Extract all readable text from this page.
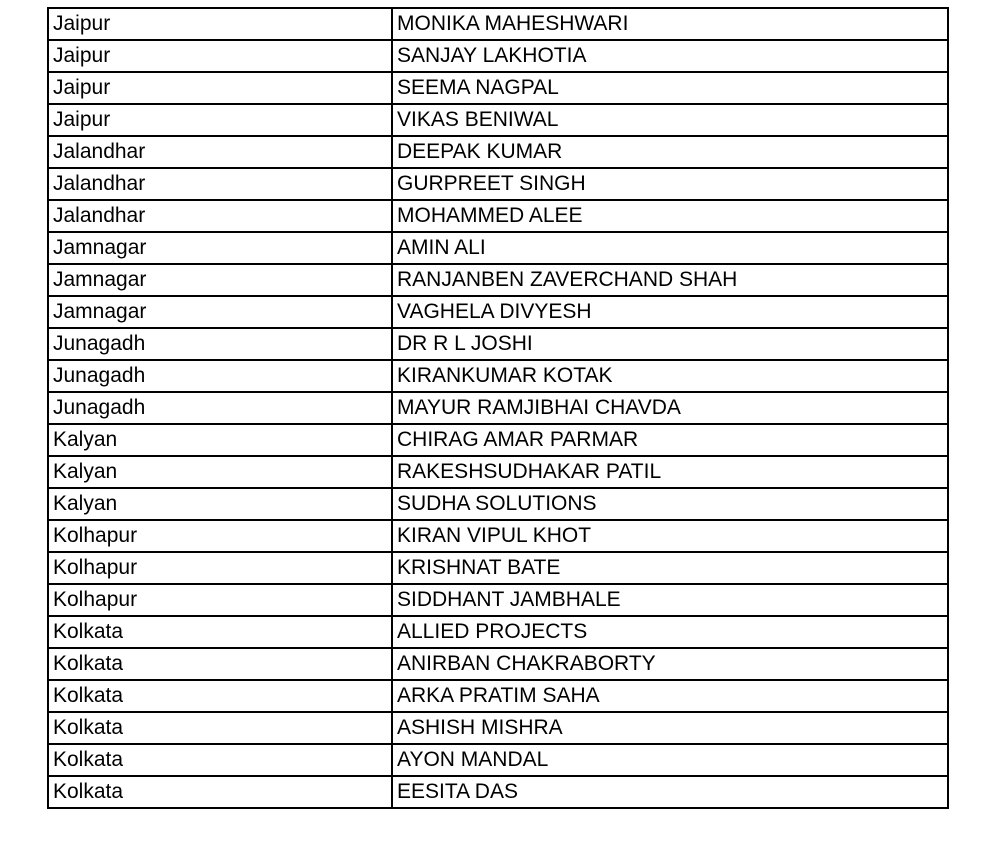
Jaipur	MONIKA MAHESHWARI
Jaipur	SANJAY LAKHOTIA
Jaipur	SEEMA NAGPAL
Jaipur	VIKAS BENIWAL
Jalandhar	DEEPAK KUMAR
Jalandhar	GURPREET SINGH
Jalandhar	MOHAMMED ALEE
Jamnagar	AMIN ALI
Jamnagar	RANJANBEN ZAVERCHAND SHAH
Jamnagar	VAGHELA DIVYESH
Junagadh	DR R L JOSHI
Junagadh	KIRANKUMAR KOTAK
Junagadh	MAYUR RAMJIBHAI CHAVDA
Kalyan	CHIRAG AMAR PARMAR
Kalyan	RAKESHSUDHAKAR PATIL
Kalyan	SUDHA SOLUTIONS
Kolhapur	KIRAN VIPUL KHOT
Kolhapur	KRISHNAT BATE
Kolhapur	SIDDHANT JAMBHALE
Kolkata	ALLIED PROJECTS
Kolkata	ANIRBAN CHAKRABORTY
Kolkata	ARKA PRATIM SAHA
Kolkata	ASHISH MISHRA
Kolkata	AYON MANDAL
Kolkata	EESITA DAS
